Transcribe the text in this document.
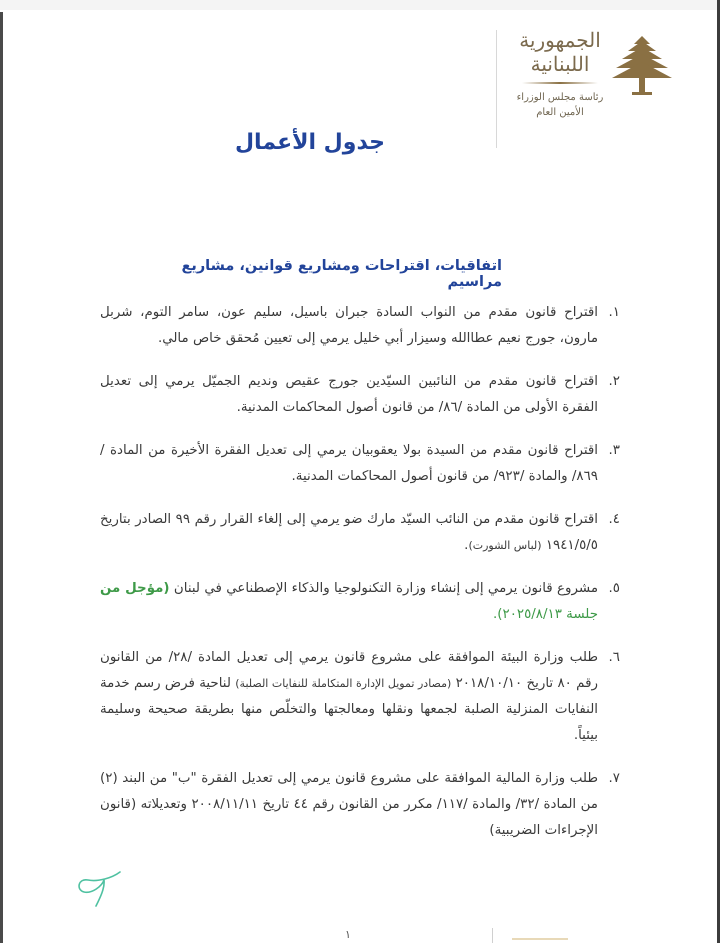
الجمهورية
اللبنانية
رئاسة مجلس الوزراء
الأمين العام
جدول الأعمال
اتفاقيات، اقتراحات ومشاريع قوانين، مشاريع مراسيم
١.
اقتراح قانون مقدم من النواب السادة جبران باسيل، سليم عون، سامر التوم، شربل مارون، جورج نعيم عطاالله وسيزار أبي خليل يرمي إلى تعيين مُحقق خاص مالي.
٢.
اقتراح قانون مقدم من النائبين السيّدين جورج عقيص ونديم الجميّل يرمي إلى تعديل الفقرة الأولى من المادة /٨٦/ من قانون أصول المحاكمات المدنية.
٣.
اقتراح قانون مقدم من السيدة بولا يعقوبيان يرمي إلى تعديل الفقرة الأخيرة من المادة /٨٦٩/ والمادة /٩٢٣/ من قانون أصول المحاكمات المدنية.
٤.
اقتراح قانون مقدم من النائب السيّد مارك ضو يرمي إلى إلغاء القرار رقم ٩٩ الصادر بتاريخ ١٩٤١/٥/٥ (لباس الشورت).
٥.
مشروع قانون يرمي إلى إنشاء وزارة التكنولوجيا والذكاء الإصطناعي في لبنان (مؤجل من جلسة ٢٠٢٥/٨/١٣).
٦.
طلب وزارة البيئة الموافقة على مشروع قانون يرمي إلى تعديل المادة /٢٨/ من القانون رقم ٨٠ تاريخ ٢٠١٨/١٠/١٠ (مصادر تمويل الإدارة المتكاملة للنفايات الصلبة) لناحية فرض رسم خدمة النفايات المنزلية الصلبة لجمعها ونقلها ومعالجتها والتخلّص منها بطريقة صحيحة وسليمة بيئياً.
٧.
طلب وزارة المالية الموافقة على مشروع قانون يرمي إلى تعديل الفقرة "ب" من البند (٢) من المادة /٣٢/ والمادة /١١٧/ مكرر من القانون رقم ٤٤ تاريخ ٢٠٠٨/١١/١١ وتعديلاته (قانون الإجراءات الضريبية)
١
